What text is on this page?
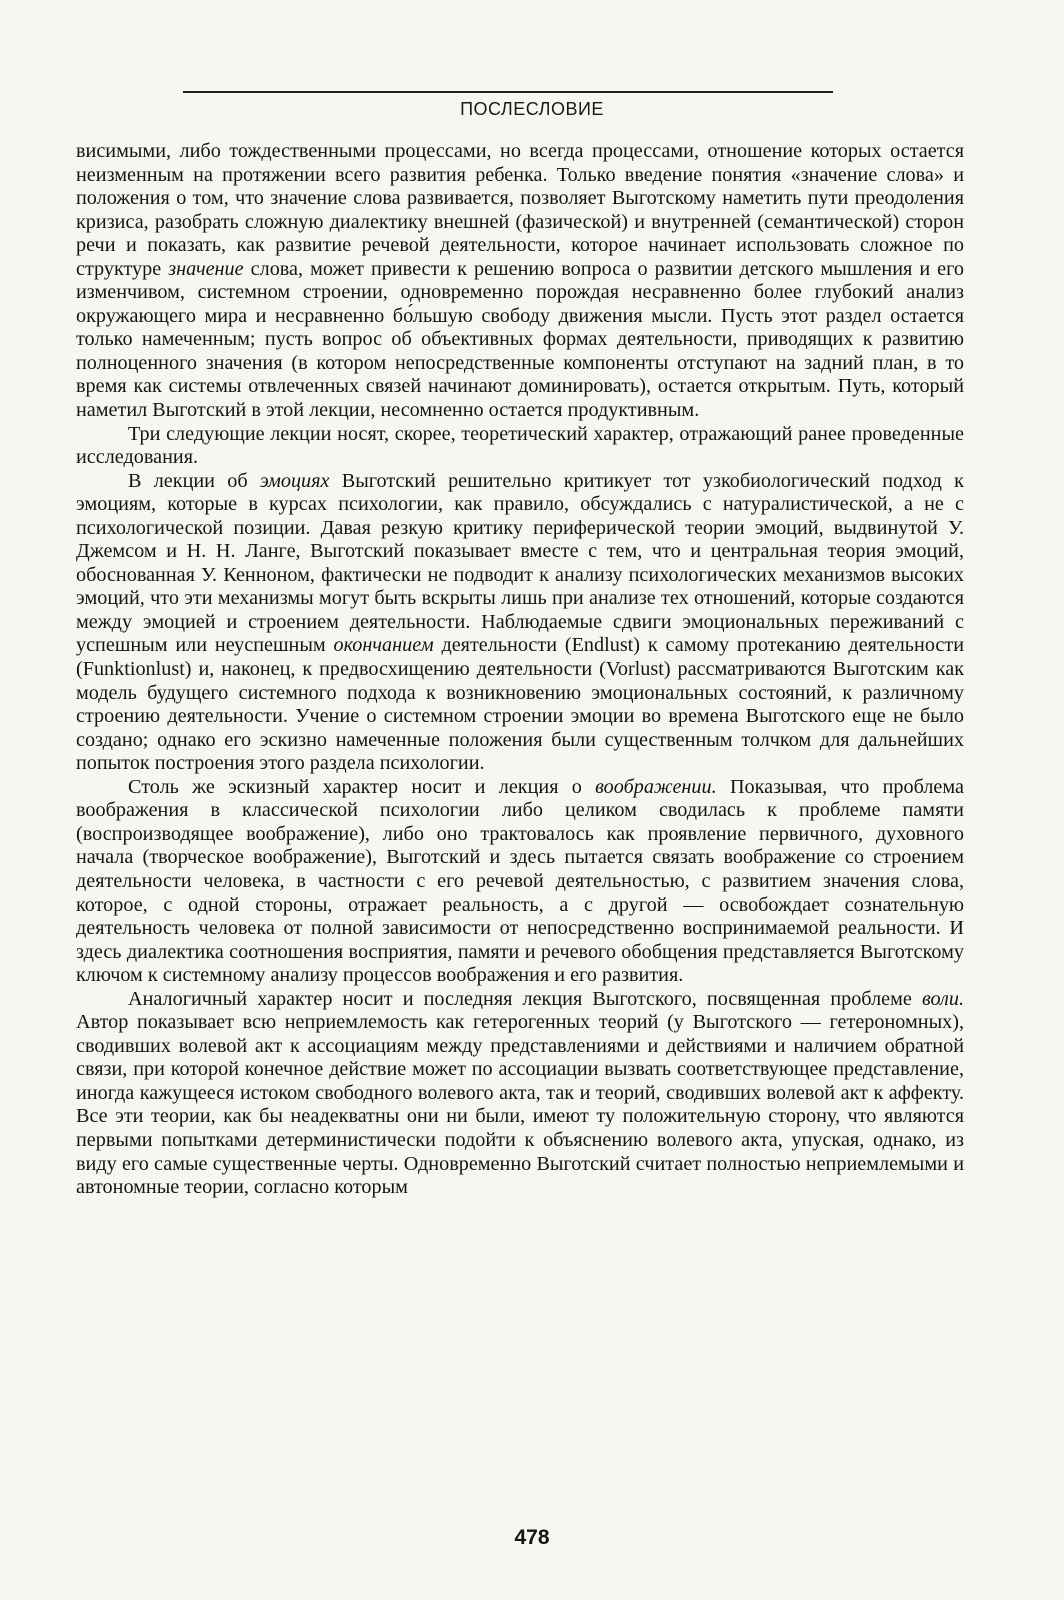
ПОСЛЕСЛОВИЕ

висимыми, либо тождественными процессами, но всегда процессами, отношение которых остается неизменным на протяжении всего развития ребенка. Только введение понятия «значение слова» и положения о том, что значение слова развивается, позволяет Выготскому наметить пути преодоления кризиса, разобрать сложную диалектику внешней (фазической) и внутренней (семантической) сторон речи и показать, как развитие речевой деятельности, которое начинает использовать сложное по структуре значение слова, может привести к решению вопроса о развитии детского мышления и его изменчивом, системном строении, одновременно порождая несравненно более глубокий анализ окружающего мира и несравненно бо́льшую свободу движения мысли. Пусть этот раздел остается только намеченным; пусть вопрос об объективных формах деятельности, приводящих к развитию полноценного значения (в котором непосредственные компоненты отступают на задний план, в то время как системы отвлеченных связей начинают доминировать), остается открытым. Путь, который наметил Выготский в этой лекции, несомненно остается продуктивным.

Три следующие лекции носят, скорее, теоретический характер, отражающий ранее проведенные исследования.

В лекции об эмоциях Выготский решительно критикует тот узкобиологический подход к эмоциям, которые в курсах психологии, как правило, обсуждались с натуралистической, а не с психологической позиции. Давая резкую критику периферической теории эмоций, выдвинутой У. Джемсом и Н. Н. Ланге, Выготский показывает вместе с тем, что и центральная теория эмоций, обоснованная У. Кенноном, фактически не подводит к анализу психологических механизмов высоких эмоций, что эти механизмы могут быть вскрыты лишь при анализе тех отношений, которые создаются между эмоцией и строением деятельности. Наблюдаемые сдвиги эмоциональных переживаний с успешным или неуспешным окончанием деятельности (Endlust) к самому протеканию деятельности (Funktionlust) и, наконец, к предвосхищению деятельности (Vorlust) рассматриваются Выготским как модель будущего системного подхода к возникновению эмоциональных состояний, к различному строению деятельности. Учение о системном строении эмоции во времена Выготского еще не было создано; однако его эскизно намеченные положения были существенным толчком для дальнейших попыток построения этого раздела психологии.

Столь же эскизный характер носит и лекция о воображении. Показывая, что проблема воображения в классической психологии либо целиком сводилась к проблеме памяти (воспроизводящее воображение), либо оно трактовалось как проявление первичного, духовного начала (творческое воображение), Выготский и здесь пытается связать воображение со строением деятельности человека, в частности с его речевой деятельностью, с развитием значения слова, которое, с одной стороны, отражает реальность, а с другой — освобождает сознательную деятельность человека от полной зависимости от непосредственно воспринимаемой реальности. И здесь диалектика соотношения восприятия, памяти и речевого обобщения представляется Выготскому ключом к системному анализу процессов воображения и его развития.

Аналогичный характер носит и последняя лекция Выготского, посвященная проблеме воли. Автор показывает всю неприемлемость как гетерогенных теорий (у Выготского — гетерономных), сводивших волевой акт к ассоциациям между представлениями и действиями и наличием обратной связи, при которой конечное действие может по ассоциации вызвать соответствующее представление, иногда кажущееся истоком свободного волевого акта, так и теорий, сводивших волевой акт к аффекту. Все эти теории, как бы неадекватны они ни были, имеют ту положительную сторону, что являются первыми попытками детерминистически подойти к объяснению волевого акта, упуская, однако, из виду его самые существенные черты. Одновременно Выготский считает полностью неприемлемыми и автономные теории, согласно которым

478
